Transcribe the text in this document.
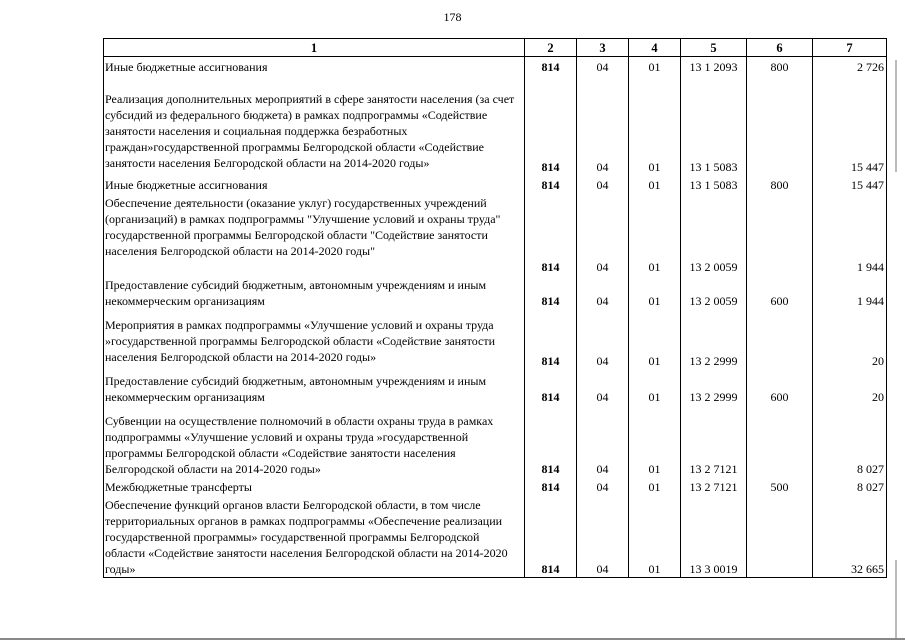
178
1	2	3	4	5	6	7
Иные бюджетные ассигнования	814	04	01	13 1 2093	800	2 726
Реализация дополнительных мероприятий в сфере занятости населения (за счет субсидий из федерального бюджета) в рамках подпрограммы «Содействие занятости населения и социальная поддержка безработных граждан»государственной программы Белгородской области «Содействие занятости населения Белгородской области на 2014-2020 годы»	814	04	01	13 1 5083		15 447
Иные бюджетные ассигнования	814	04	01	13 1 5083	800	15 447
Обеспечение деятельности (оказание уклуг) государственных учреждений (организаций) в рамках подпрограммы "Улучшение условий и охраны труда" государственной программы Белгородской области "Содействие занятости населения Белгородской области на 2014-2020 годы"	814	04	01	13 2 0059		1 944
Предоставление субсидий бюджетным, автономным учреждениям и иным некоммерческим организациям	814	04	01	13 2 0059	600	1 944
Мероприятия в рамках подпрограммы «Улучшение условий и охраны труда »государственной программы Белгородской области «Содействие занятости населения Белгородской области на 2014-2020 годы»	814	04	01	13 2 2999		20
Предоставление субсидий бюджетным, автономным учреждениям и иным некоммерческим организациям	814	04	01	13 2 2999	600	20
Субвенции на осуществление полномочий в области охраны труда в рамках подпрограммы «Улучшение условий и охраны труда »государственной программы Белгородской области «Содействие занятости населения Белгородской области на 2014-2020 годы»	814	04	01	13 2 7121		8 027
Межбюджетные трансферты	814	04	01	13 2 7121	500	8 027
Обеспечение функций органов власти Белгородской области, в том числе территориальных органов в рамках подпрограммы «Обеспечение реализации государственной программы» государственной программы Белгородской области «Содействие занятости населения Белгородской области на 2014-2020 годы»	814	04	01	13 3 0019		32 665
